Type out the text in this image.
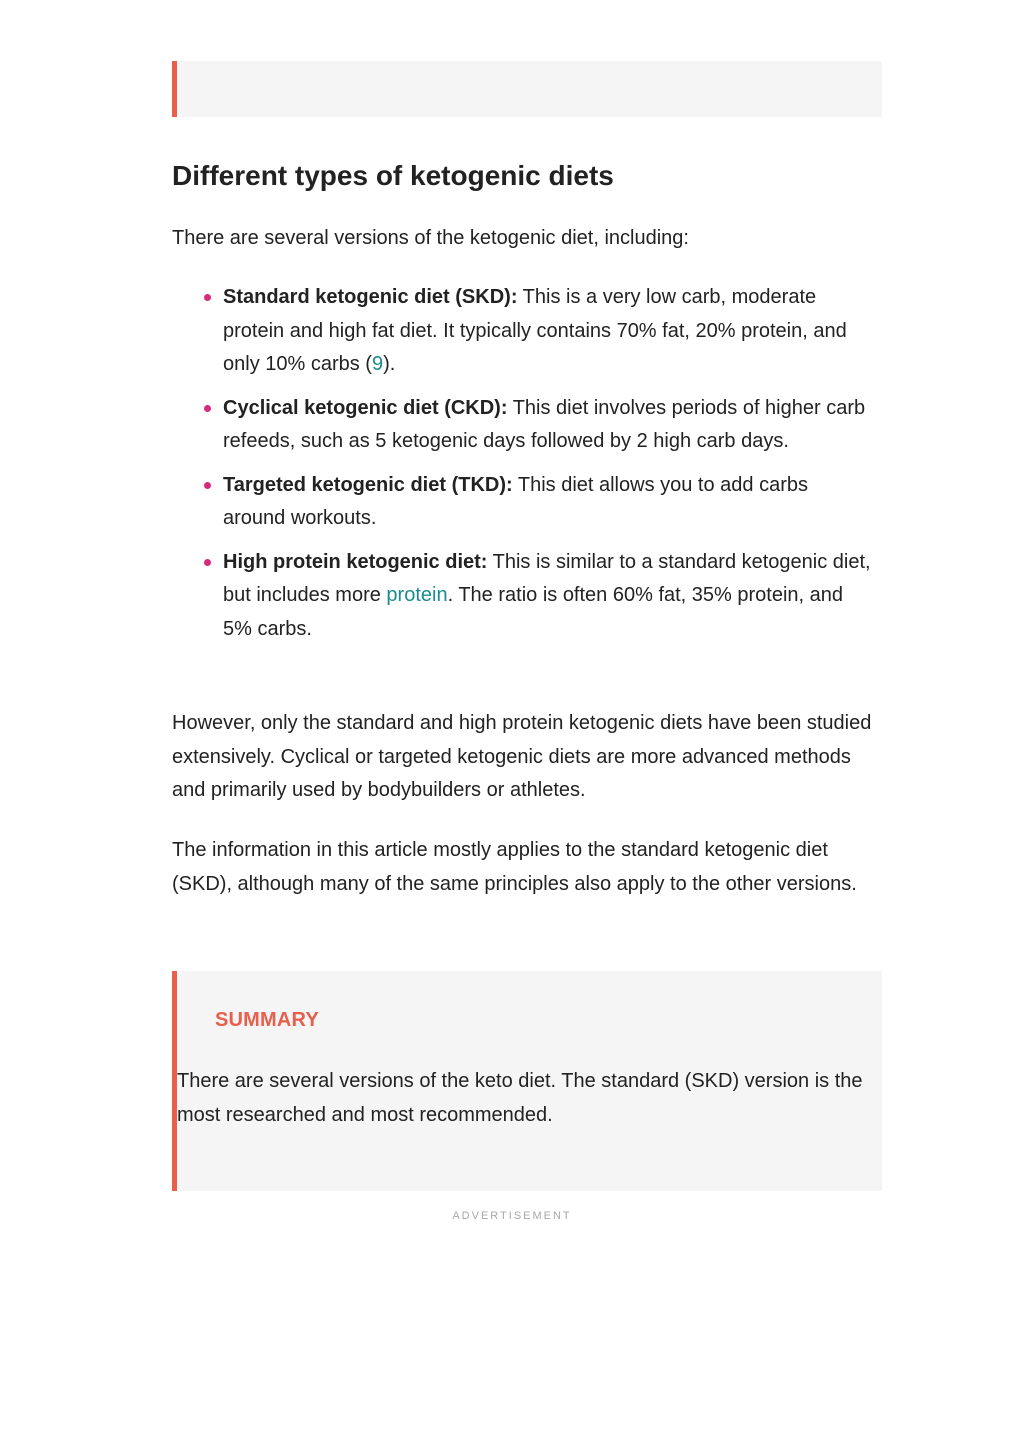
Different types of ketogenic diets

There are several versions of the ketogenic diet, including:

Standard ketogenic diet (SKD): This is a very low carb, moderate protein and high fat diet. It typically contains 70% fat, 20% protein, and only 10% carbs (9).
Cyclical ketogenic diet (CKD): This diet involves periods of higher carb refeeds, such as 5 ketogenic days followed by 2 high carb days.
Targeted ketogenic diet (TKD): This diet allows you to add carbs around workouts.
High protein ketogenic diet: This is similar to a standard ketogenic diet, but includes more protein. The ratio is often 60% fat, 35% protein, and 5% carbs.

However, only the standard and high protein ketogenic diets have been studied extensively. Cyclical or targeted ketogenic diets are more advanced methods and primarily used by bodybuilders or athletes.

The information in this article mostly applies to the standard ketogenic diet (SKD), although many of the same principles also apply to the other versions.

SUMMARY

There are several versions of the keto diet. The standard (SKD) version is the most researched and most recommended.

ADVERTISEMENT
